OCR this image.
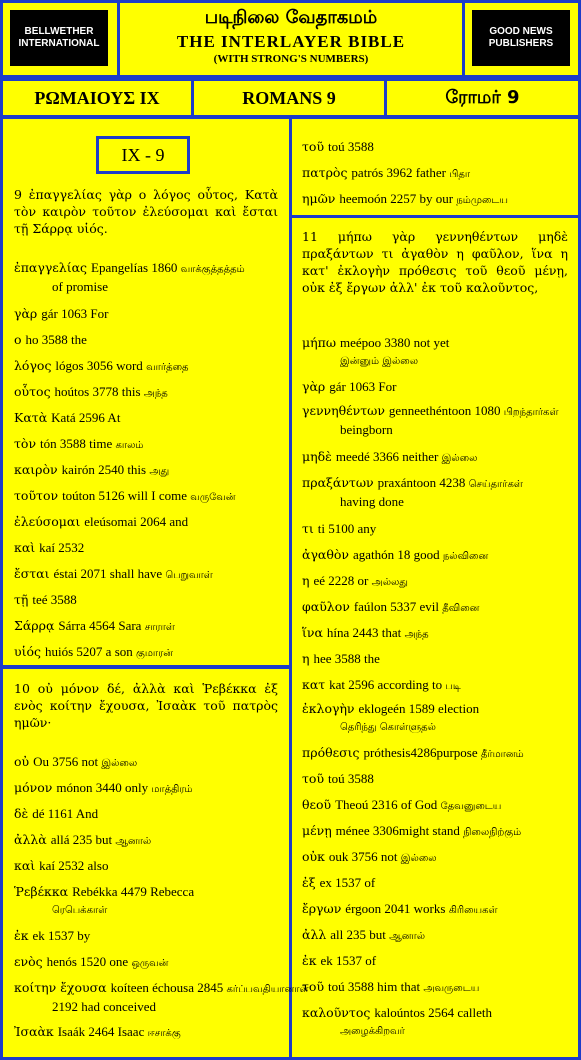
BELLWETHER INTERNATIONAL
படிநிலை வேதாகமம்
THE INTERLAYER BIBLE
(WITH STRONG'S NUMBERS)
GOOD NEWS PUBLISHERS
ΡΩΜΑΙΟΥΣ IX	ROMANS 9	ரோமர் 9
IX - 9
9 ἐπαγγελίας γὰρ ο λόγος οὗτος, Κατὰ τὸν καιρὸν τοῦτον ἐλεύσομαι καὶ ἔσται τῇ Σάρρᾳ υἱός.
10 οὐ μόνον δέ, ἀλλὰ καὶ Ῥεβέκκα ἐξ ενὸς κοίτην ἔχουσα, Ἰσαὰκ τοῦ πατρὸς ημῶν·
11 μήπω γὰρ γεννηθέντων μηδὲ πραξάντων τι ἀγαθὸν η φαῦλον, ἵνα η κατ' ἐκλογὴν πρόθεσις τοῦ θεοῦ μένῃ, οὐκ ἐξ ἔργων ἀλλ' ἐκ τοῦ καλοῦντος,
ἐπαγγελίας Epangelías 1860 வாக்குத்தத்தம்
of promise
γὰρ gár 1063 For
ο ho 3588 the
λόγος lógos 3056 word வார்த்தை
οὗτος hoútos 3778 this அந்த
Κατὰ Katá 2596 At
τὸν tón 3588 time காலம்
καιρὸν kairón 2540 this அது
τοῦτον toúton 5126 will I come வருவேன்
ἐλεύσομαι eleúsomai 2064 and
καὶ kaí 2532
ἔσται éstai 2071 shall have பெறுவாள்
τῇ teé 3588
Σάρρᾳ Sárra 4564 Sara சாராள்
υἱός huiós 5207 a son குமாரன்
οὐ Ou 3756 not இல்லை
μόνον mónon 3440 only மாத்திரம்
δὲ dé 1161 And
ἀλλὰ allá 235 but ஆனால்
καὶ kaí 2532 also
Ῥεβέκκα Rebékka 4479 Rebecca
ரெபெக்காள்
ἐκ ek 1537 by
ενὸς henós 1520 one ஒருவன்
κοίτην ἔχουσα koíteen échousa 2845 கர்ப்பவதியானாள்
2192 had conceived
Ἰσαὰκ Isaák 2464 Isaac ஈசாக்கு
τοῦ toú 3588
πατρὸς patrós 3962 father பிதா
ημῶν heemoón 2257 by our நம்முடைய
μήπω meépoo 3380 not yet
இன்னும் இல்லை
γὰρ gár 1063 For
γεννηθέντων genneethéntoon 1080 பிறந்தார்கள்
beingborn
μηδὲ meedé 3366 neither இல்லை
πραξάντων praxántoon 4238 செய்தார்கள்
having done
τι ti 5100 any
ἀγαθὸν agathón 18 good நல்வினை
η eé 2228 or அல்லது
φαῦλον faúlon 5337 evil தீவினை
ἵνα hína 2443 that அந்த
η hee 3588 the
κατ kat 2596 according to படி
ἐκλογὴν eklogeén 1589 election
தெரிந்து கொள்ளுதல்
πρόθεσις próthesis4286purpose தீர்மானம்
τοῦ toú 3588
θεοῦ Theoú 2316 of God தேவனுடைய
μένῃ ménee 3306might stand நிலைநிற்கும்
οὐκ ouk 3756 not இல்லை
ἐξ ex 1537 of
ἔργων érgoon 2041 works கிரியைகள்
ἀλλ all 235 but ஆனால்
ἐκ ek 1537 of
τοῦ toú 3588 him that அவருடைய
καλοῦντος kaloúntos 2564 calleth
அழைக்கிறவர்
